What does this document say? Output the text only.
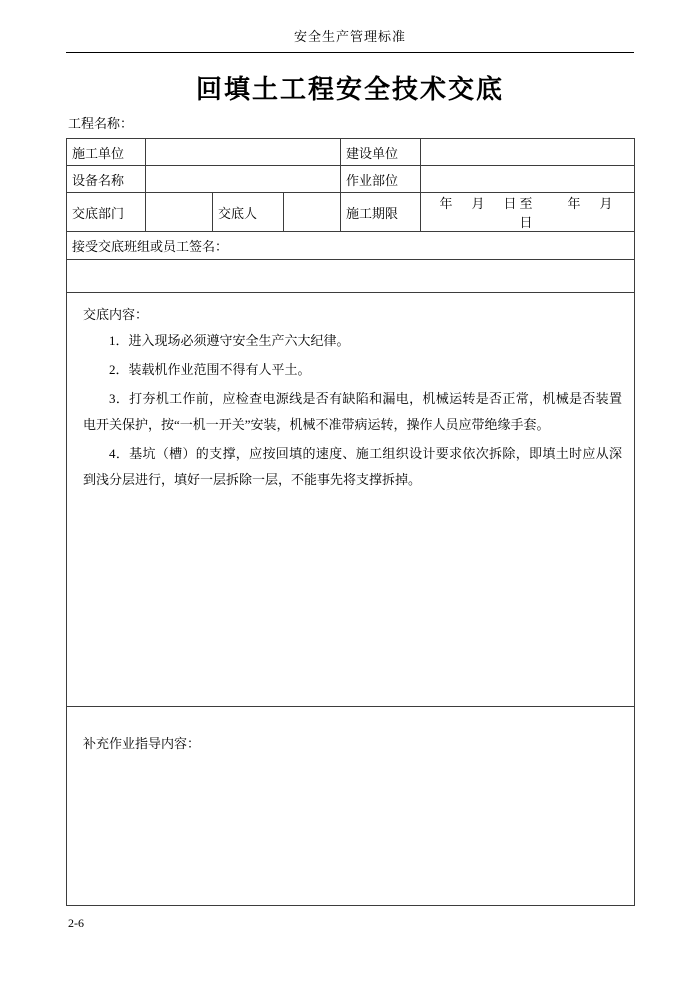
安全生产管理标准
回填土工程安全技术交底
工程名称：
施工单位				建设单位	
设备名称				作业部位	
交底部门		交底人		施工期限	年　月　日至　　年　月　日
接受交底班组或员工签名：					

交底内容：

1．进入现场必须遵守安全生产六大纪律。

2．装载机作业范围不得有人平土。

3．打夯机工作前，应检查电源线是否有缺陷和漏电，机械运转是否正常，机械是否装置电开关保护，按“一机一开关”安装，机械不准带病运转，操作人员应带绝缘手套。

4．基坑（槽）的支撑，应按回填的速度、施工组织设计要求依次拆除，即填土时应从深到浅分层进行，填好一层拆除一层，不能事先将支撑拆掉。					

补充作业指导内容：					

2-6
